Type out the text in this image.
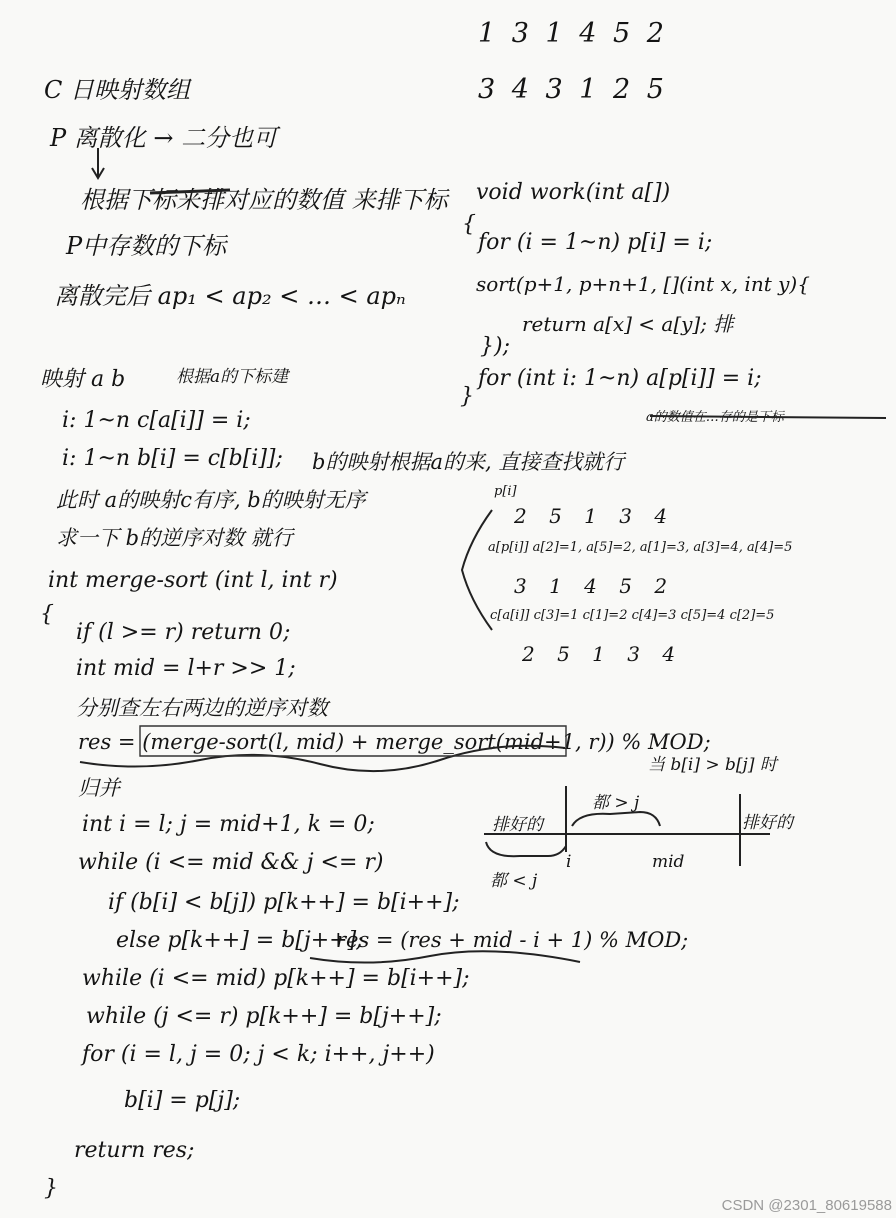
1 3 1 4 5 2
3 4 3 1 2 5
C 日映射数组
P 离散化 → 二分也可
根据下标来排对应的数值 来排下标
P中存数的下标
离散完后 ap₁ < ap₂ < … < apₙ
映射 a b	根据a的下标建
i: 1~n c[a[i]] = i;
i: 1~n b[i] = c[b[i]]; b的映射根据a的来, 直接查找就行
此时 a的映射c有序, b的映射无序
求一下 b的逆序对数 就行
void work(int a[])
{
for (i = 1~n) p[i] = i;
sort(p+1, p+n+1, [](int x, int y){
return a[x] < a[y]; 排
});
for (int i: 1~n) a[p[i]] = i;
}
a的数值在…存的是下标
p[i]
2 5 1 3 4
a[p[i]] a[2]=1, a[5]=2, a[1]=3, a[3]=4, a[4]=5
3 1 4 5 2
c[a[i]] c[3]=1 c[1]=2 c[4]=3 c[5]=4 c[2]=5
2 5 1 3 4
int merge-sort (int l, int r)
{
if (l >= r) return 0;
int mid = l+r >> 1;
分别查左右两边的逆序对数
res = (merge-sort(l, mid) + merge_sort(mid+1, r)) % MOD;
归并
int i = l; j = mid+1, k = 0;
while (i <= mid && j <= r)
if (b[i] < b[j]) p[k++] = b[i++];
else p[k++] = b[j++];
res = (res + mid - i + 1) % MOD;
while (i <= mid) p[k++] = b[i++];
while (j <= r) p[k++] = b[j++];
for (i = l, j = 0; j < k; i++, j++)
b[i] = p[j];
return res;
}
当 b[i] > b[j] 时
排好的	排好的
都 > j
都 < j
i	mid
CSDN @2301_80619588
